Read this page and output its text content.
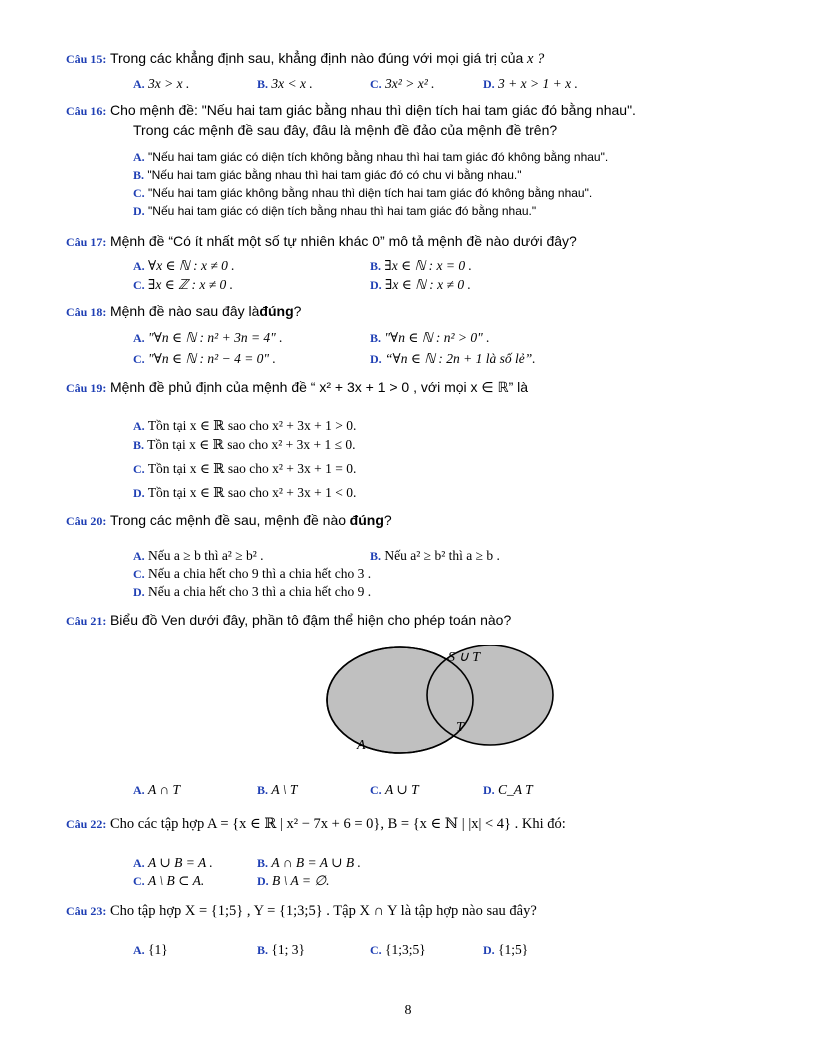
Câu 15: Trong các khẳng định sau, khẳng định nào đúng với mọi giá trị của x ?
A. 3x > x .	B. 3x < x .	C. 3x² > x² .	D. 3 + x > 1 + x .
Câu 16: Cho mệnh đề: "Nếu hai tam giác bằng nhau thì diện tích hai tam giác đó bằng nhau".
Trong các mệnh đề sau đây, đâu là mệnh đề đảo của mệnh đề trên?
A. "Nếu hai tam giác có diện tích không bằng nhau thì hai tam giác đó không bằng nhau".
B. "Nếu hai tam giác bằng nhau thì hai tam giác đó có chu vi bằng nhau."
C. "Nếu hai tam giác không bằng nhau thì diện tích hai tam giác đó không bằng nhau".
D. "Nếu hai tam giác có diện tích bằng nhau thì hai tam giác đó bằng nhau."
Câu 17: Mệnh đề “Có ít nhất một số tự nhiên khác 0” mô tả mệnh đề nào dưới đây?
A. ∀x ∈ ℕ : x ≠ 0 .	B. ∃x ∈ ℕ : x = 0 .
C. ∃x ∈ ℤ : x ≠ 0 .	D. ∃x ∈ ℕ : x ≠ 0 .
Câu 18: Mệnh đề nào sau đây làđúng?
A. "∀n ∈ ℕ : n² + 3n = 4" .	B. "∀n ∈ ℕ : n² > 0" .
C. "∀n ∈ ℕ : n² − 4 = 0" .	D. “∀n ∈ ℕ : 2n + 1 là số lẻ”.
Câu 19: Mệnh đề phủ định của mệnh đề “ x² + 3x + 1 > 0 , với mọi x ∈ ℝ” là
A. Tồn tại x ∈ ℝ sao cho x² + 3x + 1 > 0.
B. Tồn tại x ∈ ℝ sao cho x² + 3x + 1 ≤ 0.
C. Tồn tại x ∈ ℝ sao cho x² + 3x + 1 = 0.
D. Tồn tại x ∈ ℝ sao cho x² + 3x + 1 < 0.
Câu 20: Trong các mệnh đề sau, mệnh đề nào đúng?
A. Nếu a ≥ b thì a² ≥ b² .	B. Nếu a² ≥ b² thì a ≥ b .
C. Nếu a chia hết cho 9 thì a chia hết cho 3 .
D. Nếu a chia hết cho 3 thì a chia hết cho 9 .
Câu 21: Biểu đồ Ven dưới đây, phần tô đậm thể hiện cho phép toán nào?
S ∪ T
T
A
A. A ∩ T	B. A \ T	C. A ∪ T	D. C_A T
Câu 22: Cho các tập hợp A = {x ∈ ℝ | x² − 7x + 6 = 0}, B = {x ∈ ℕ | |x| < 4} . Khi đó:
A. A ∪ B = A .	B. A ∩ B = A ∪ B .
C. A \ B ⊂ A.	D. B \ A = ∅.
Câu 23: Cho tập hợp X = {1;5} , Y = {1;3;5} . Tập X ∩ Y là tập hợp nào sau đây?
A. {1}	B. {1; 3}	C. {1;3;5}	D. {1;5}
8
